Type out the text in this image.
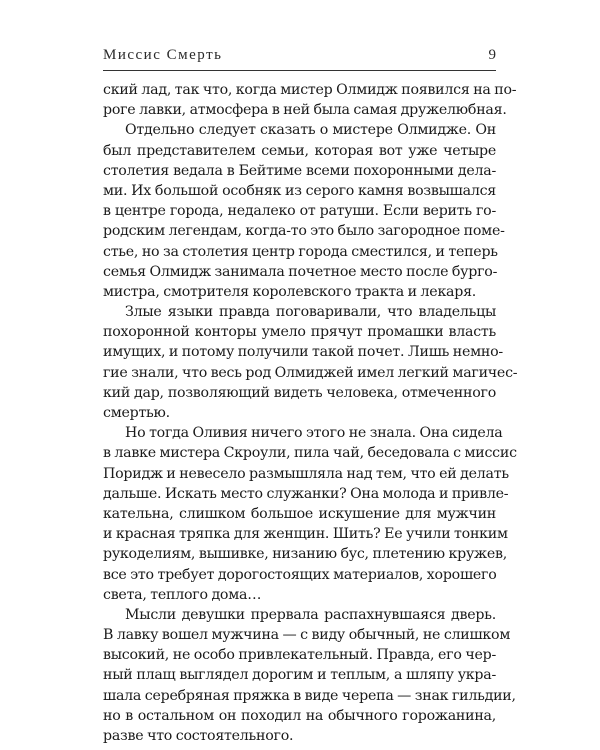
Миссис Смерть	9
ский лад, так что, когда мистер Олмидж появился на по-
роге лавки, атмосфера в ней была самая дружелюбная.
Отдельно следует сказать о мистере Олмидже. Он
был представителем семьи, которая вот уже четыре
столетия ведала в Бейтиме всеми похоронными дела-
ми. Их большой особняк из серого камня возвышался
в центре города, недалеко от ратуши. Если верить го-
родским легендам, когда-то это было загородное поме-
стье, но за столетия центр города сместился, и теперь
семья Олмидж занимала почетное место после бурго-
мистра, смотрителя королевского тракта и лекаря.
Злые языки правда поговаривали, что владельцы
похоронной конторы умело прячут промашки власть
имущих, и потому получили такой почет. Лишь немно-
гие знали, что весь род Олмиджей имел легкий магичес-
кий дар, позволяющий видеть человека, отмеченного
смертью.
Но тогда Оливия ничего этого не знала. Она сидела
в лавке мистера Скроули, пила чай, беседовала с миссис
Поридж и невесело размышляла над тем, что ей делать
дальше. Искать место служанки? Она молода и привле-
кательна, слишком большое искушение для мужчин
и красная тряпка для женщин. Шить? Ее учили тонким
рукоделиям, вышивке, низанию бус, плетению кружев,
все это требует дорогостоящих материалов, хорошего
света, теплого дома…
Мысли девушки прервала распахнувшаяся дверь.
В лавку вошел мужчина — с виду обычный, не слишком
высокий, не особо привлекательный. Правда, его чер-
ный плащ выглядел дорогим и теплым, а шляпу укра-
шала серебряная пряжка в виде черепа — знак гильдии,
но в остальном он походил на обычного горожанина,
разве что состоятельного.
